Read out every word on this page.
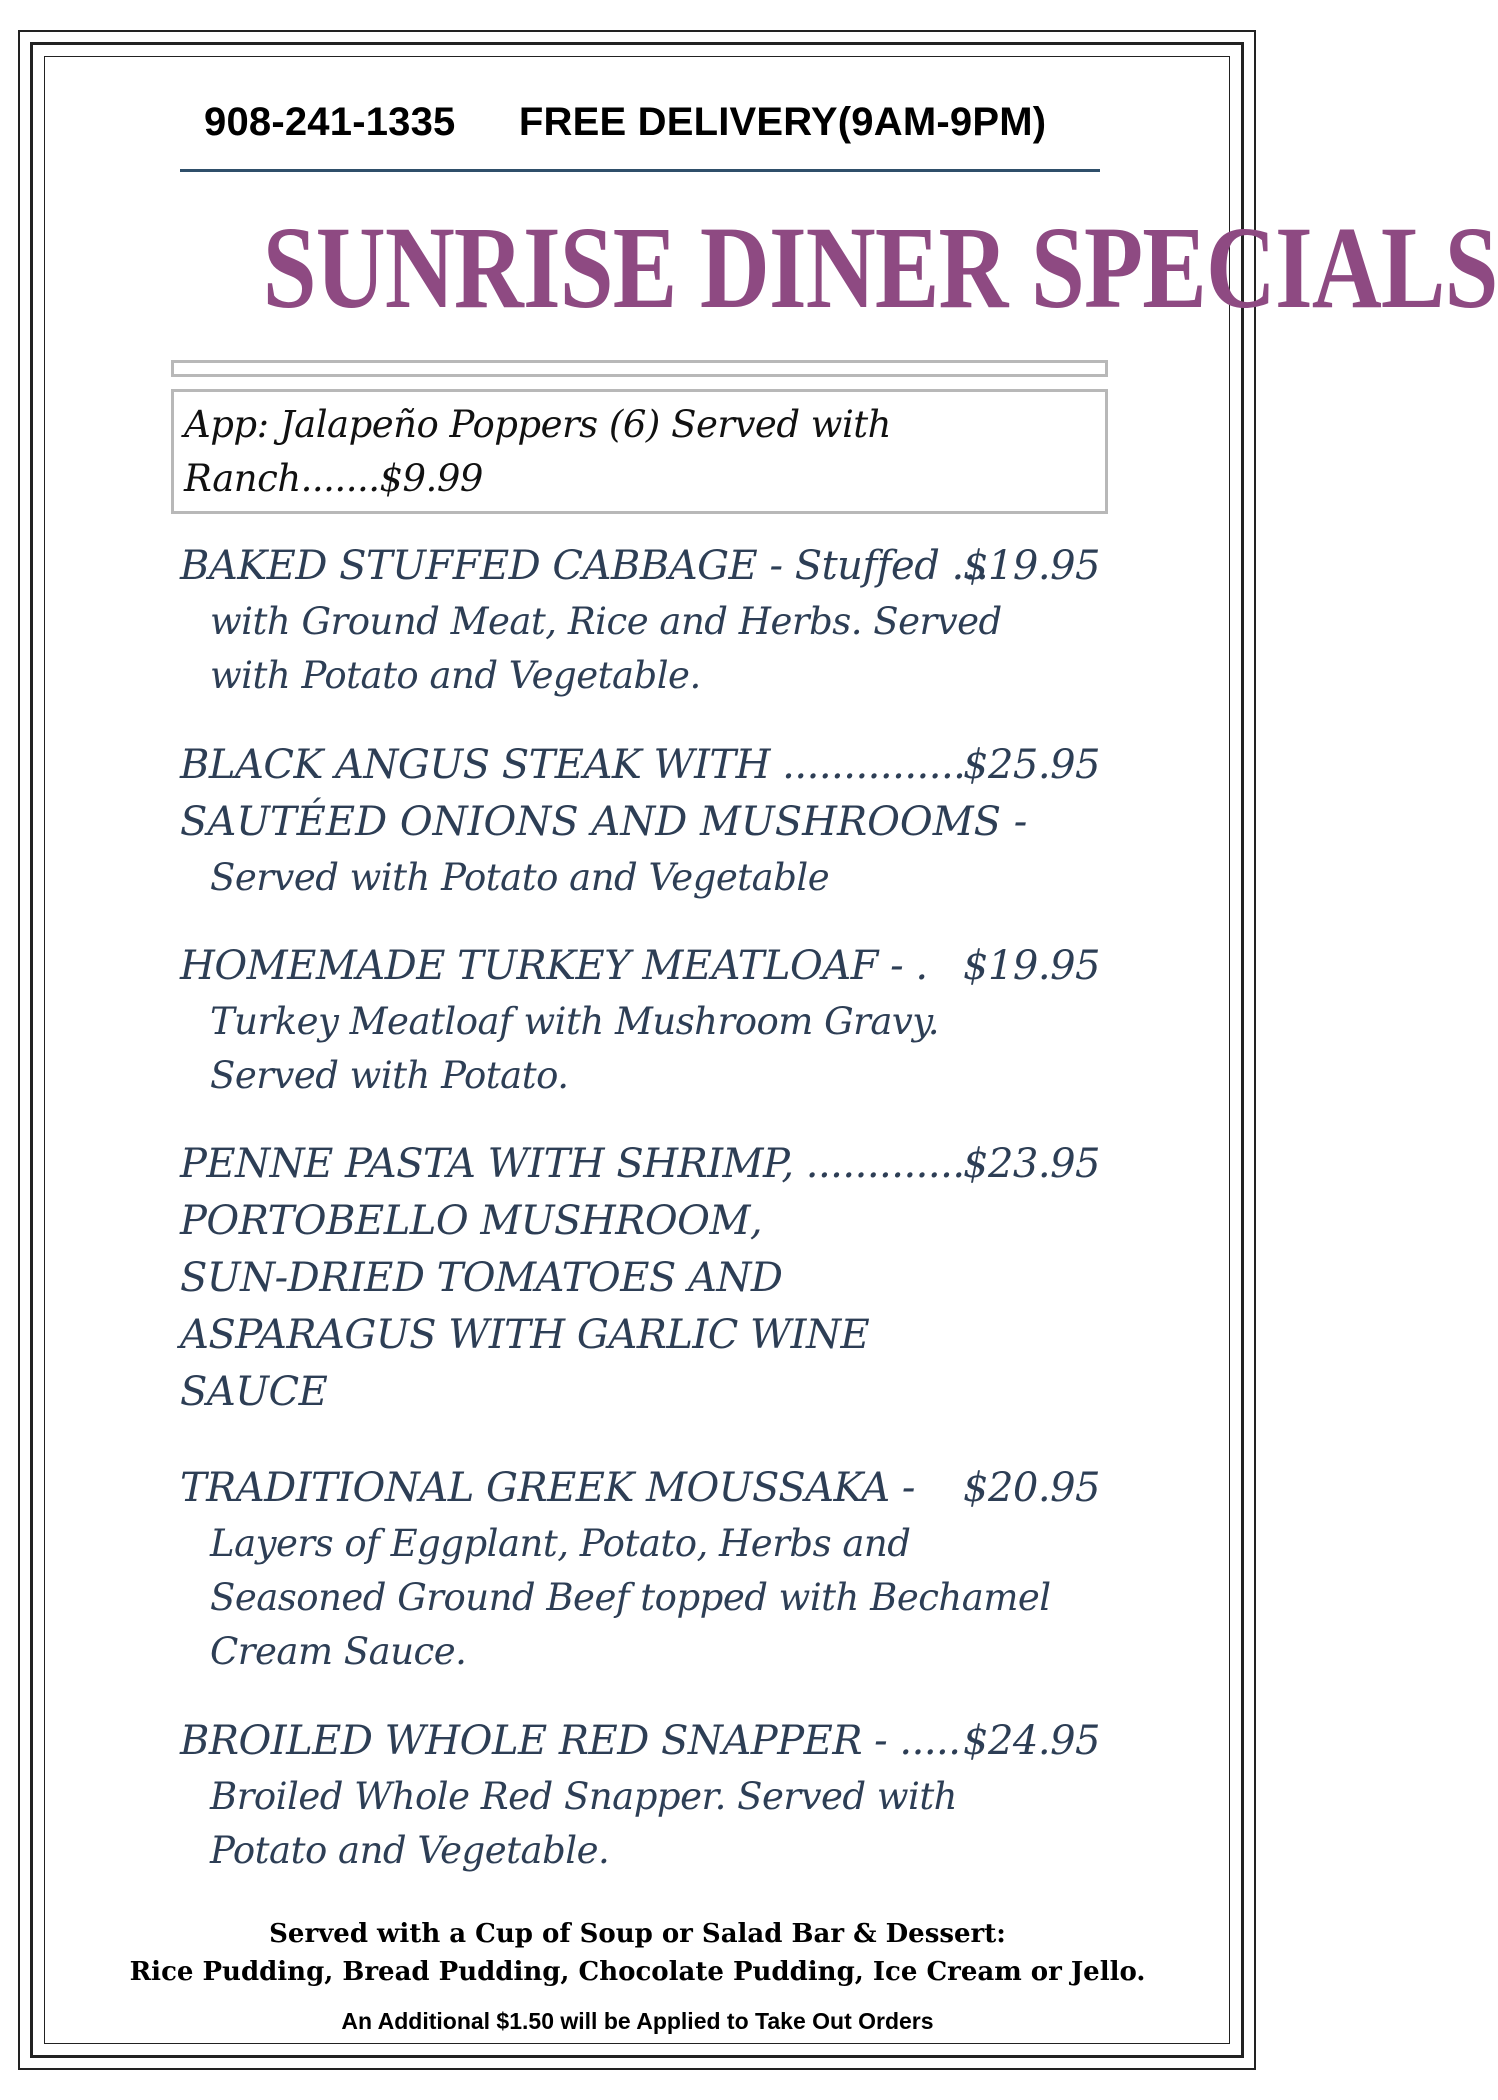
908-241-1335 FREE DELIVERY(9AM-9PM)
SUNRISE DINER SPECIALS
App: Jalapeño Poppers (6) Served with
Ranch.......$9.99
BAKED STUFFED CABBAGE - Stuffed ...
$19.95
with Ground Meat, Rice and Herbs. Served
with Potato and Vegetable.
BLACK ANGUS STEAK WITH ...............
$25.95
SAUTÉED ONIONS AND MUSHROOMS -
Served with Potato and Vegetable
HOMEMADE TURKEY MEATLOAF - . $19.95
Turkey Meatloaf with Mushroom Gravy.
Served with Potato.
PENNE PASTA WITH SHRIMP, .............
$23.95
PORTOBELLO MUSHROOM,
SUN-DRIED TOMATOES AND
ASPARAGUS WITH GARLIC WINE
SAUCE
TRADITIONAL GREEK MOUSSAKA - $20.95
Layers of Eggplant, Potato, Herbs and
Seasoned Ground Beef topped with Bechamel
Cream Sauce.
BROILED WHOLE RED SNAPPER - ..... $24.95
Broiled Whole Red Snapper. Served with
Potato and Vegetable.
Served with a Cup of Soup or Salad Bar & Dessert:
Rice Pudding, Bread Pudding, Chocolate Pudding, Ice Cream or Jello.
An Additional $1.50 will be Applied to Take Out Orders
